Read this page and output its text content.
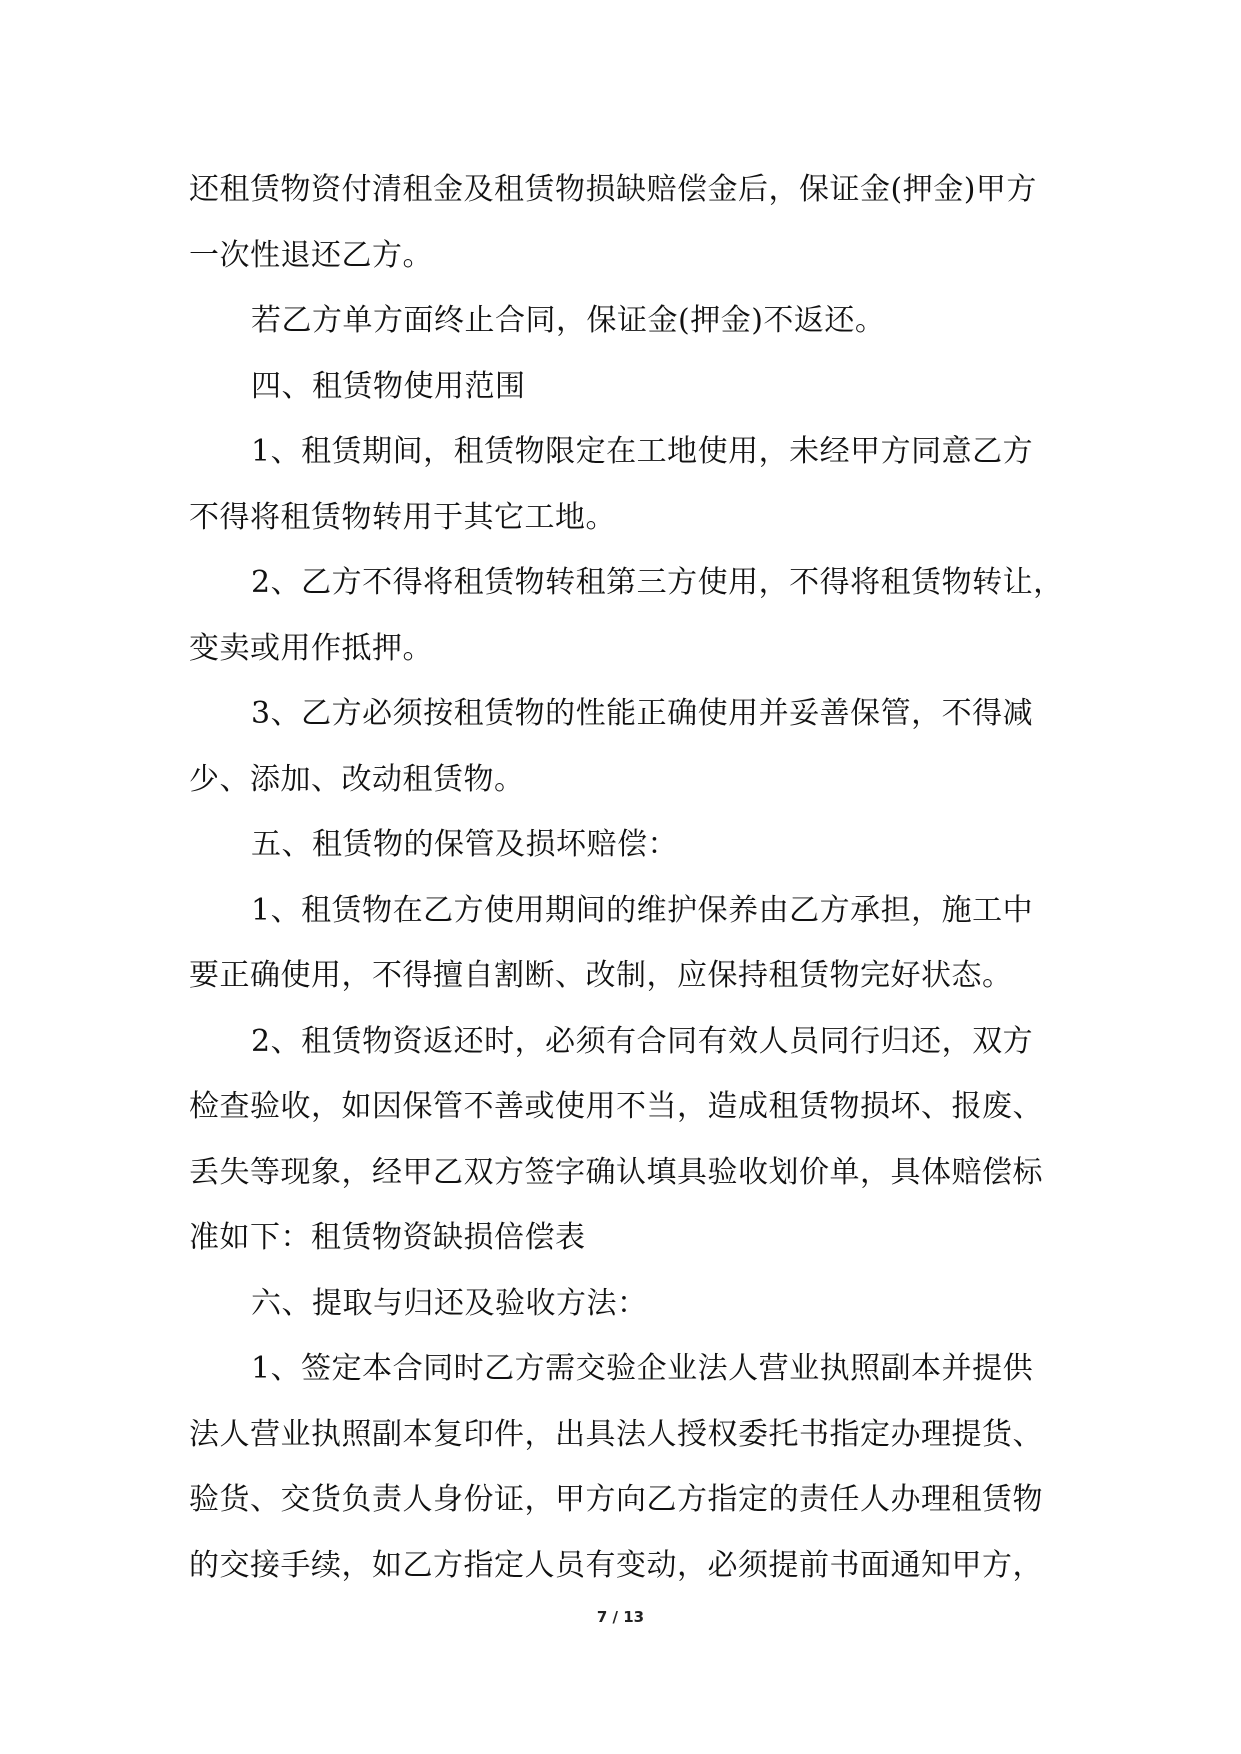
还租赁物资付清租金及租赁物损缺赔偿金后，保证金(押金)甲方
一次性退还乙方。
若乙方单方面终止合同，保证金(押金)不返还。
四、租赁物使用范围
1、租赁期间，租赁物限定在工地使用，未经甲方同意乙方
不得将租赁物转用于其它工地。
2、乙方不得将租赁物转租第三方使用，不得将租赁物转让，
变卖或用作抵押。
3、乙方必须按租赁物的性能正确使用并妥善保管，不得减
少、添加、改动租赁物。
五、租赁物的保管及损坏赔偿：
1、租赁物在乙方使用期间的维护保养由乙方承担，施工中
要正确使用，不得擅自割断、改制，应保持租赁物完好状态。
2、租赁物资返还时，必须有合同有效人员同行归还，双方
检查验收，如因保管不善或使用不当，造成租赁物损坏、报废、
丢失等现象，经甲乙双方签字确认填具验收划价单，具体赔偿标
准如下：租赁物资缺损倍偿表
六、提取与归还及验收方法：
1、签定本合同时乙方需交验企业法人营业执照副本并提供
法人营业执照副本复印件，出具法人授权委托书指定办理提货、
验货、交货负责人身份证，甲方向乙方指定的责任人办理租赁物
的交接手续，如乙方指定人员有变动，必须提前书面通知甲方，
7 / 13
